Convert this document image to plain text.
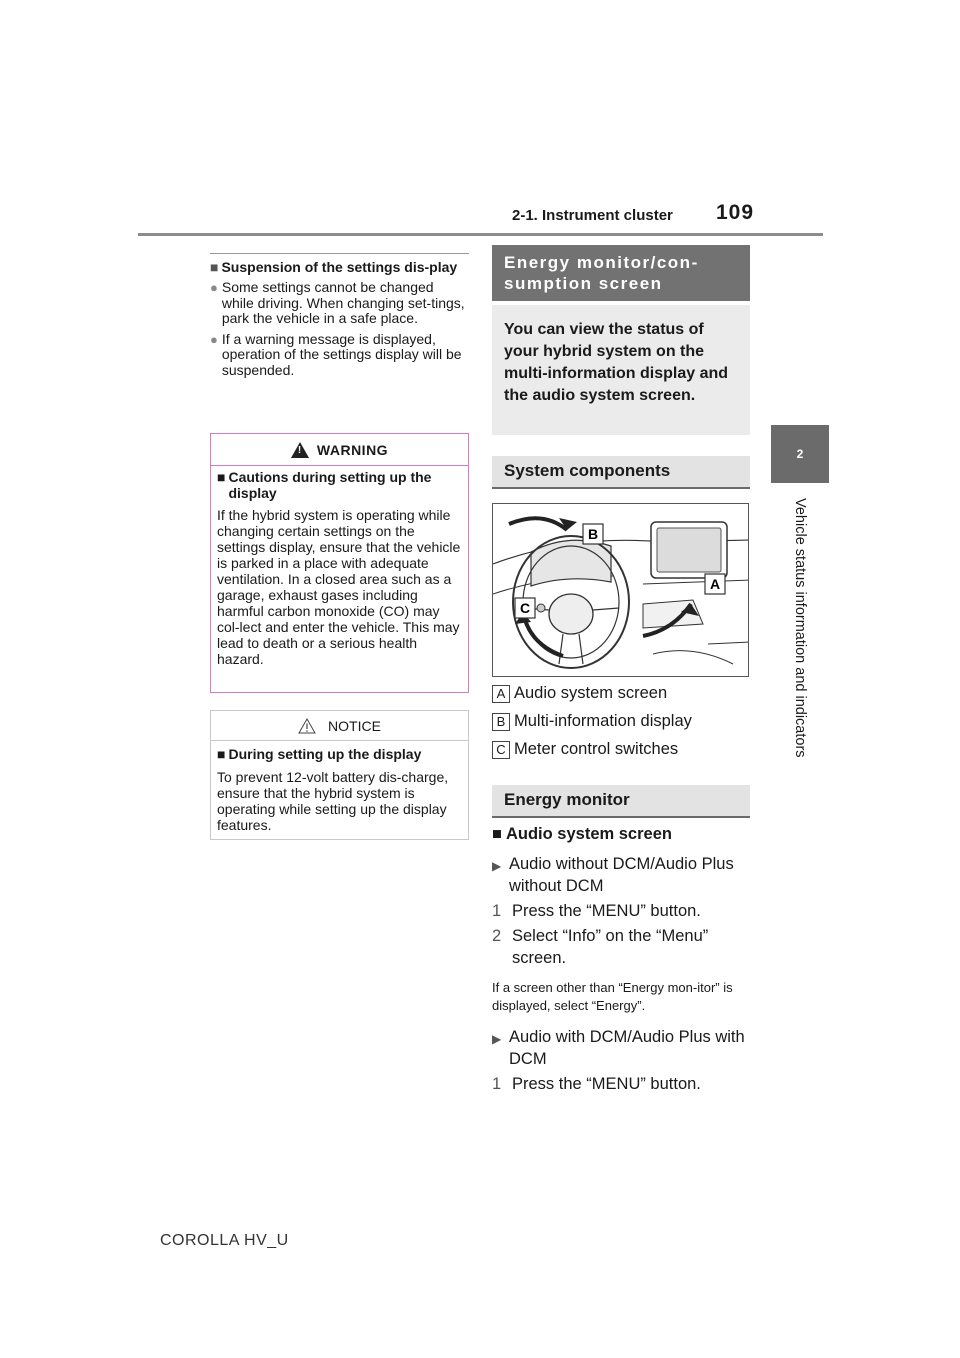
2-1. Instrument cluster 109
2
Vehicle status information and indicators
■ Suspension of the settings dis-play
● Some settings cannot be changed while driving. When changing set-tings, park the vehicle in a safe place.
● If a warning message is displayed, operation of the settings display will be suspended.
!
WARNING
■ Cautions during setting up the display
If the hybrid system is operating while changing certain settings on the settings display, ensure that the vehicle is parked in a place with adequate ventilation. In a closed area such as a garage, exhaust gases including harmful carbon monoxide (CO) may col-lect and enter the vehicle. This may lead to death or a serious health hazard.
NOTICE
■ During setting up the display
To prevent 12-volt battery dis-charge, ensure that the hybrid system is operating while setting up the display features.
Energy monitor/con-sumption screen
You can view the status of your hybrid system on the multi-information display and the audio system screen.
System components
B
A
C
A Audio system screen
B Multi-information display
C Meter control switches
Energy monitor
■ Audio system screen
▶ Audio without DCM/Audio Plus without DCM
1 Press the “MENU” button.
2 Select “Info” on the “Menu” screen.
If a screen other than “Energy mon-itor” is displayed, select “Energy”.
▶ Audio with DCM/Audio Plus with DCM
1 Press the “MENU” button.
COROLLA HV_U
